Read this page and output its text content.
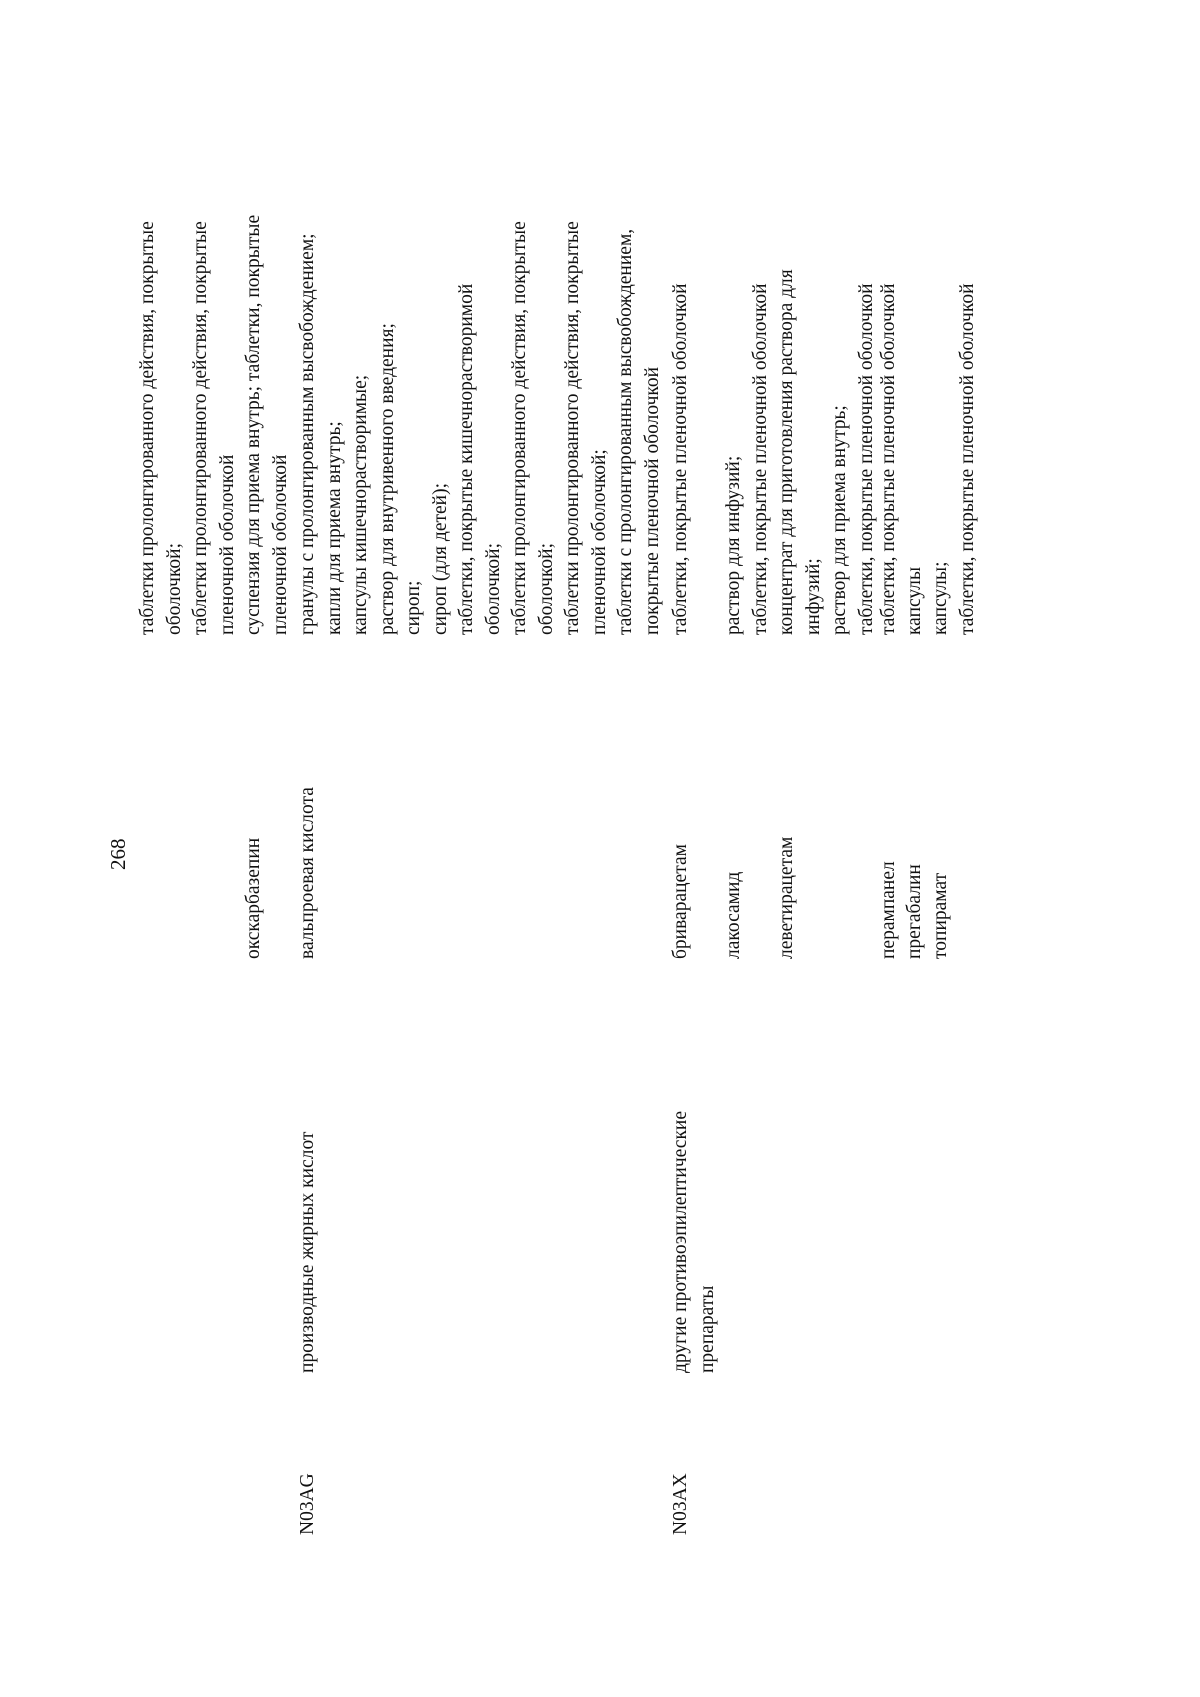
268
таблетки пролонгированного действия, покрытые оболочкой; таблетки пролонгированного действия, покрытые пленочной оболочкой
окскарбазепин
суспензия для приема внутрь; таблетки, покрытые пленочной оболочкой
N03AG
производные жирных кислот
вальпроевая кислота
гранулы с пролонгированным высвобождением; капли для приема внутрь; капсулы кишечнорастворимые; раствор для внутривенного введения; сироп; сироп (для детей); таблетки, покрытые кишечнорастворимой оболочкой; таблетки пролонгированного действия, покрытые оболочкой; таблетки пролонгированного действия, покрытые пленочной оболочкой; таблетки с пролонгированным высвобождением, покрытые пленочной оболочкой
N03AX
другие противоэпилептические препараты
бриварацетам
таблетки, покрытые пленочной оболочкой
лакосамид
раствор для инфузий; таблетки, покрытые пленочной оболочкой
леветирацетам
концентрат для приготовления раствора для инфузий; раствор для приема внутрь; таблетки, покрытые пленочной оболочкой
перампанел
таблетки, покрытые пленочной оболочкой
прегабалин
капсулы
топирамат
капсулы; таблетки, покрытые пленочной оболочкой
